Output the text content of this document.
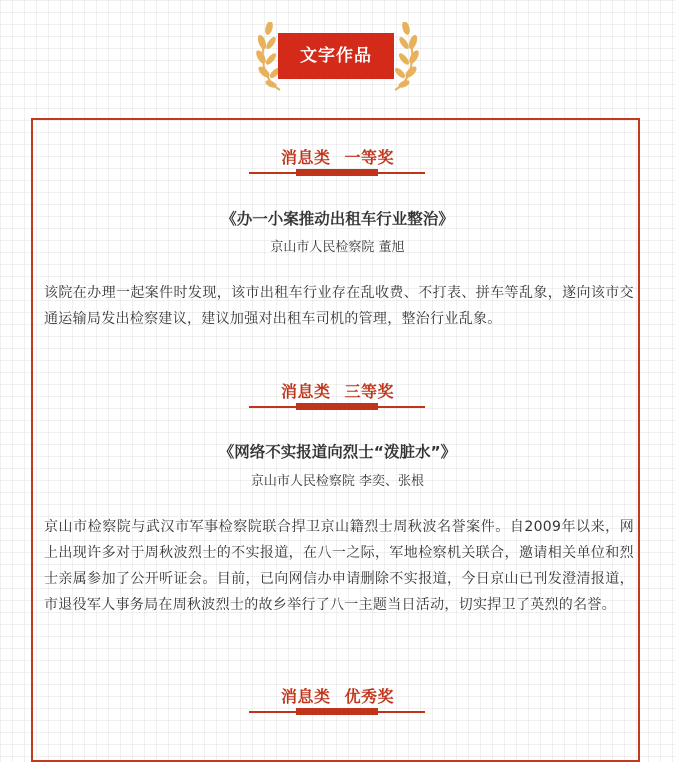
文字作品
消息类 一等奖
《办一小案推动出租车行业整治》
京山市人民检察院 董旭
该院在办理一起案件时发现，该市出租车行业存在乱收费、不打表、拼车等乱象，遂向该市交通运输局发出检察建议，建议加强对出租车司机的管理，整治行业乱象。
消息类 三等奖
《网络不实报道向烈士“泼脏水”》
京山市人民检察院 李奕、张根
京山市检察院与武汉市军事检察院联合捍卫京山籍烈士周秋波名誉案件。自2009年以来，网上出现许多对于周秋波烈士的不实报道，在八一之际，军地检察机关联合，邀请相关单位和烈士亲属参加了公开听证会。目前，已向网信办申请删除不实报道，今日京山已刊发澄清报道，市退役军人事务局在周秋波烈士的故乡举行了八一主题当日活动，切实捍卫了英烈的名誉。
消息类 优秀奖
